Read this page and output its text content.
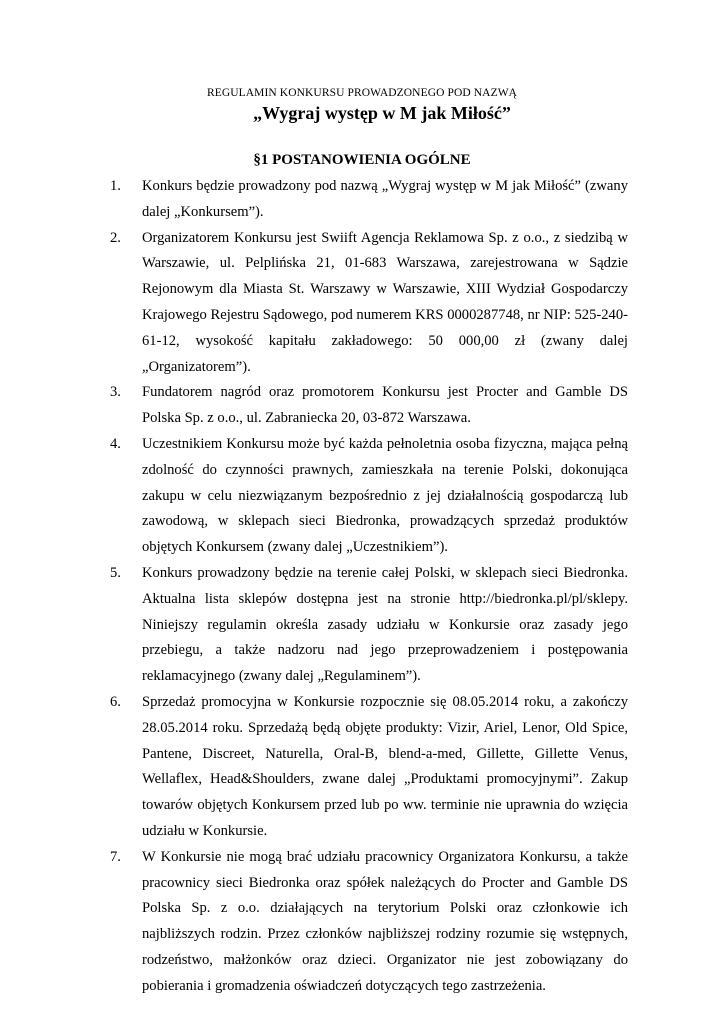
REGULAMIN KONKURSU PROWADZONEGO POD NAZWĄ

„Wygraj występ w M jak Miłość”

§1 POSTANOWIENIA OGÓLNE

1.	Konkurs będzie prowadzony pod nazwą „Wygraj występ w M jak Miłość” (zwany dalej „Konkursem”).
2.	Organizatorem Konkursu jest Swiift Agencja Reklamowa Sp. z o.o., z siedzibą w Warszawie, ul. Pelplińska 21, 01-683 Warszawa, zarejestrowana w Sądzie Rejonowym dla Miasta St. Warszawy w Warszawie, XIII Wydział Gospodarczy Krajowego Rejestru Sądowego, pod numerem KRS 0000287748, nr NIP: 525-240-61-12, wysokość kapitału zakładowego: 50 000,00 zł (zwany dalej „Organizatorem”).
3.	Fundatorem nagród oraz promotorem Konkursu jest Procter and Gamble DS Polska Sp. z o.o., ul. Zabraniecka 20, 03-872 Warszawa.
4.	Uczestnikiem Konkursu może być każda pełnoletnia osoba fizyczna, mająca pełną zdolność do czynności prawnych, zamieszkała na terenie Polski, dokonująca zakupu w celu niezwiązanym bezpośrednio z jej działalnością gospodarczą lub zawodową, w sklepach sieci Biedronka, prowadzących sprzedaż produktów objętych Konkursem (zwany dalej „Uczestnikiem”).
5.	Konkurs prowadzony będzie na terenie całej Polski, w sklepach sieci Biedronka. Aktualna lista sklepów dostępna jest na stronie http://biedronka.pl/pl/sklepy. Niniejszy regulamin określa zasady udziału w Konkursie oraz zasady jego przebiegu, a także nadzoru nad jego przeprowadzeniem i postępowania reklamacyjnego (zwany dalej „Regulaminem”).
6.	Sprzedaż promocyjna w Konkursie rozpocznie się 08.05.2014 roku, a zakończy 28.05.2014 roku. Sprzedażą będą objęte produkty: Vizir, Ariel, Lenor, Old Spice, Pantene, Discreet, Naturella, Oral-B, blend-a-med, Gillette, Gillette Venus, Wellaflex, Head&Shoulders, zwane dalej „Produktami promocyjnymi”. Zakup towarów objętych Konkursem przed lub po ww. terminie nie uprawnia do wzięcia udziału w Konkursie.
7.	W Konkursie nie mogą brać udziału pracownicy Organizatora Konkursu, a także pracownicy sieci Biedronka oraz spółek należących do Procter and Gamble DS Polska Sp. z o.o. działających na terytorium Polski oraz członkowie ich najbliższych rodzin. Przez członków najbliższej rodziny rozumie się wstępnych, rodzeństwo, małżonków oraz dzieci. Organizator nie jest zobowiązany do pobierania i gromadzenia oświadczeń dotyczących tego zastrzeżenia.
